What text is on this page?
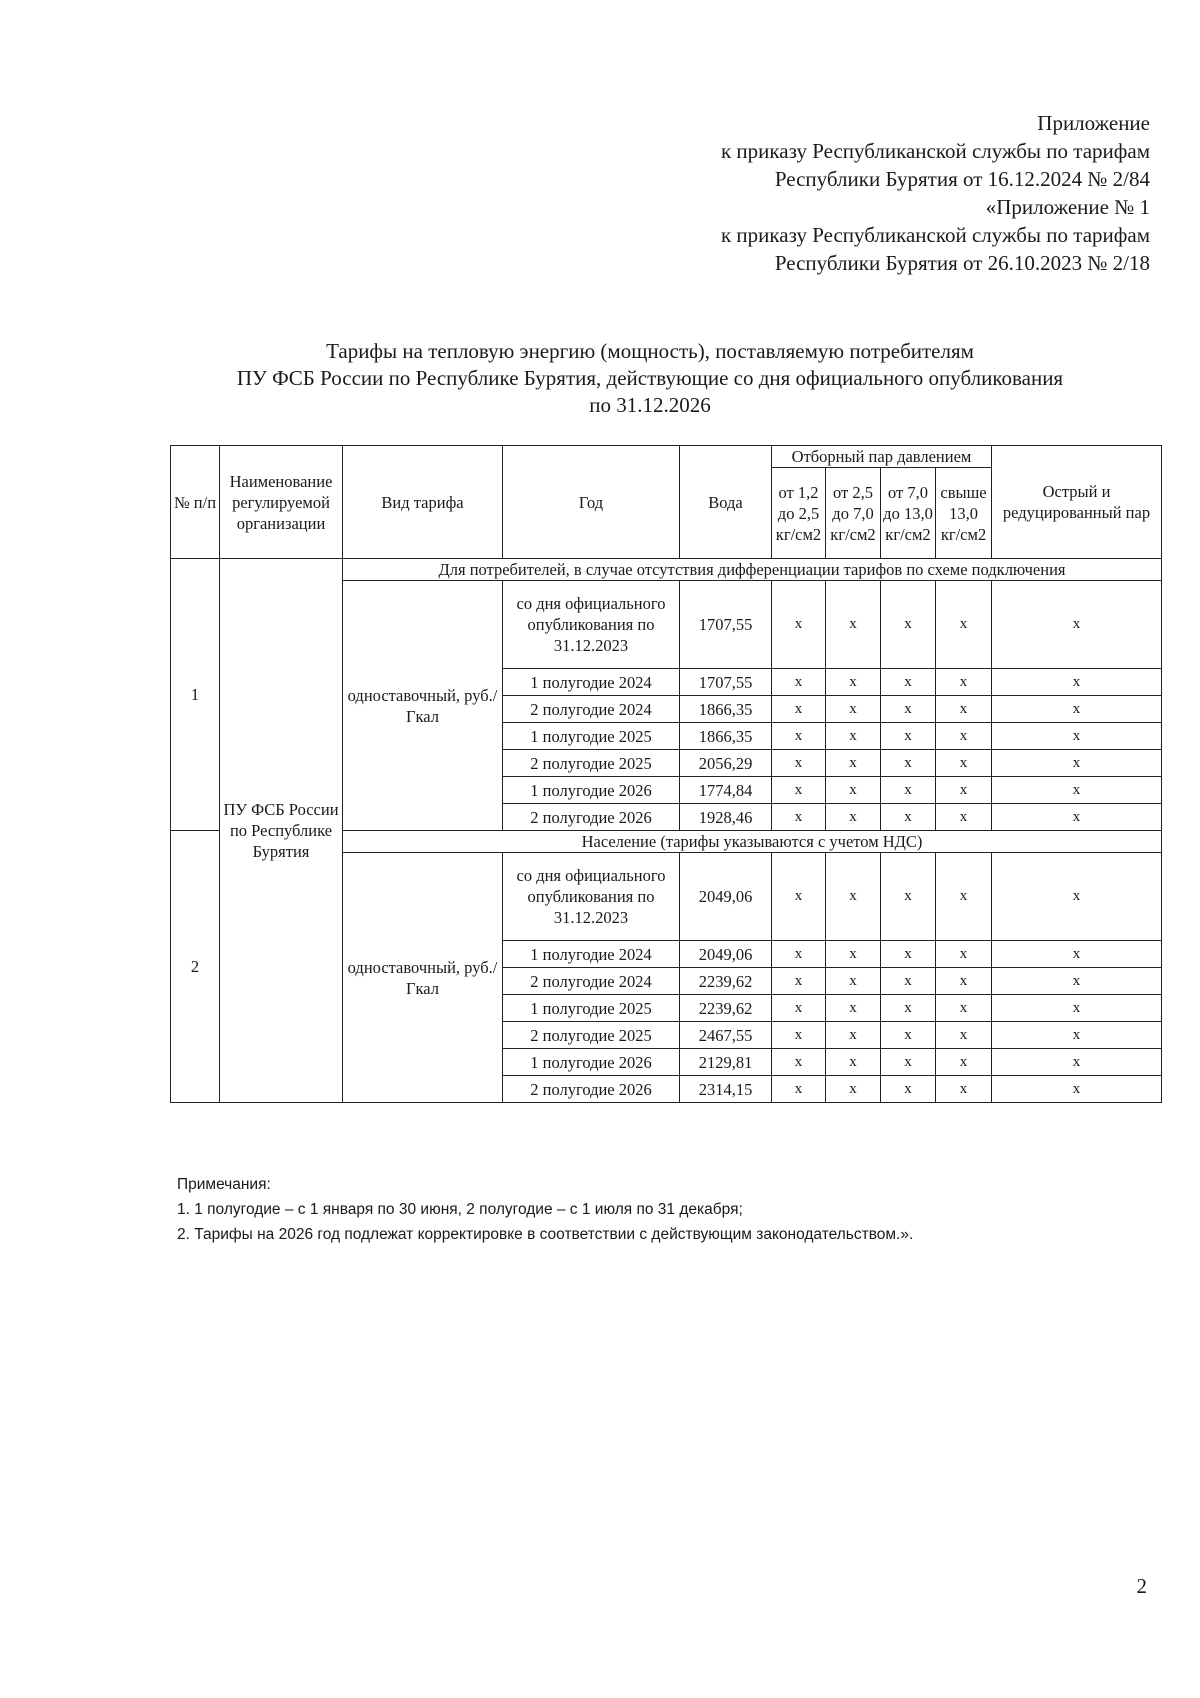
Приложение
к приказу Республиканской службы по тарифам
Республики Бурятия от 16.12.2024 № 2/84
«Приложение № 1
к приказу Республиканской службы по тарифам
Республики Бурятия от 26.10.2023 № 2/18
Тарифы на тепловую энергию (мощность), поставляемую потребителям
ПУ ФСБ России по Республике Бурятия, действующие со дня официального опубликования
по 31.12.2026
№ п/п	Наименование регулируемой организации	Вид тарифа	Год	Вода	Отборный пар давлением				Острый и редуцированный пар
					от 1,2 до 2,5 кг/см2	от 2,5 до 7,0 кг/см2	от 7,0 до 13,0 кг/см2	свыше 13,0 кг/см2	
1	ПУ ФСБ России по Республике Бурятия	Для потребителей, в случае отсутствия дифференциации тарифов по схеме подключения							
		одноставочный, руб./Гкал	со дня официального опубликования по 31.12.2023	1707,55	x	x	x	x	x
			1 полугодие 2024	1707,55	x	x	x	x	x
			2 полугодие 2024	1866,35	x	x	x	x	x
			1 полугодие 2025	1866,35	x	x	x	x	x
			2 полугодие 2025	2056,29	x	x	x	x	x
			1 полугодие 2026	1774,84	x	x	x	x	x
			2 полугодие 2026	1928,46	x	x	x	x	x
2		Население (тарифы указываются с учетом НДС)							
		одноставочный, руб./Гкал	со дня официального опубликования по 31.12.2023	2049,06	x	x	x	x	x
			1 полугодие 2024	2049,06	x	x	x	x	x
			2 полугодие 2024	2239,62	x	x	x	x	x
			1 полугодие 2025	2239,62	x	x	x	x	x
			2 полугодие 2025	2467,55	x	x	x	x	x
			1 полугодие 2026	2129,81	x	x	x	x	x
			2 полугодие 2026	2314,15	x	x	x	x	x
Примечания:
1. 1 полугодие – с 1 января по 30 июня, 2 полугодие – с 1 июля по 31 декабря;
2. Тарифы на 2026 год подлежат корректировке в соответствии с действующим законодательством.».
2
